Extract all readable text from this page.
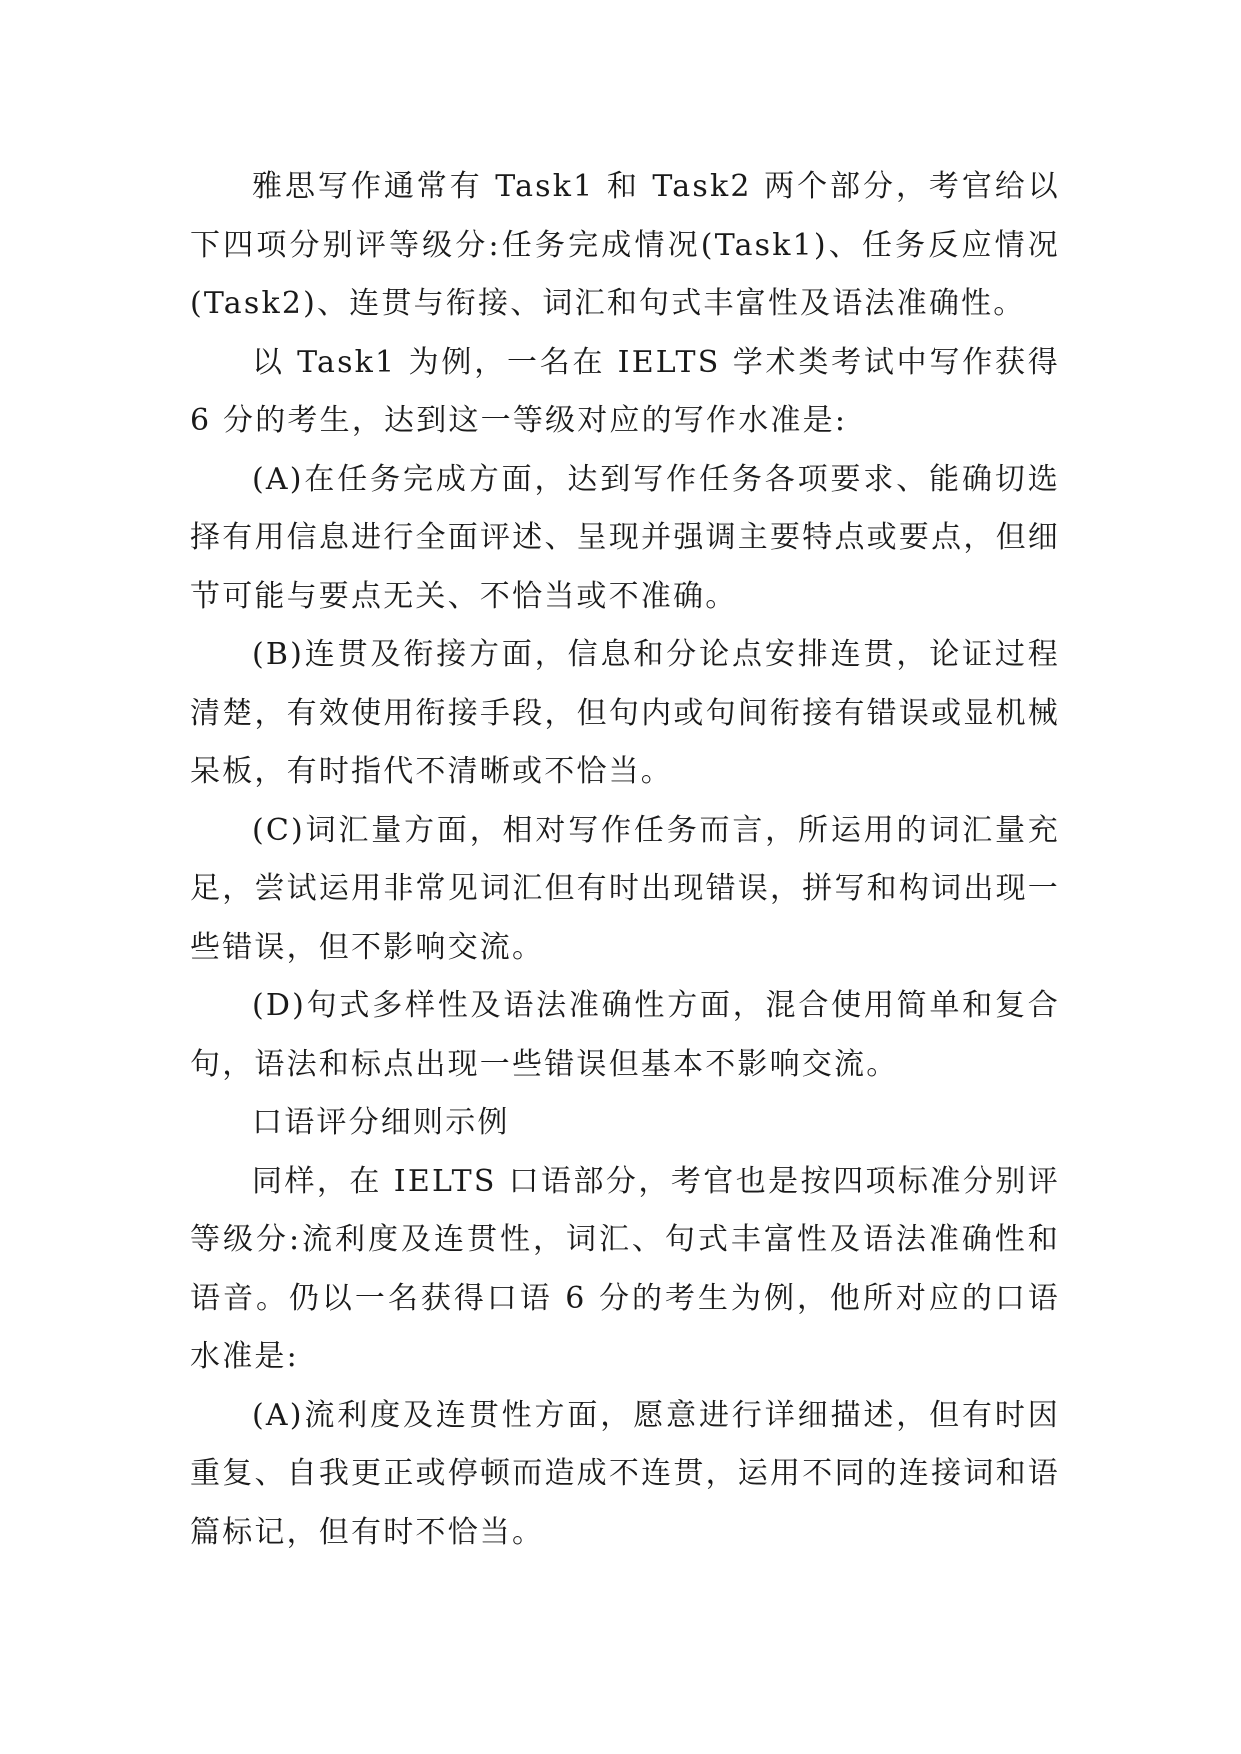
雅思写作通常有 Task1 和 Task2 两个部分，考官给以下四项分别评等级分:任务完成情况(Task1)、任务反应情况(Task2)、连贯与衔接、词汇和句式丰富性及语法准确性。

以 Task1 为例，一名在 IELTS 学术类考试中写作获得 6 分的考生，达到这一等级对应的写作水准是:

(A)在任务完成方面，达到写作任务各项要求、能确切选择有用信息进行全面评述、呈现并强调主要特点或要点，但细节可能与要点无关、不恰当或不准确。

(B)连贯及衔接方面，信息和分论点安排连贯，论证过程清楚，有效使用衔接手段，但句内或句间衔接有错误或显机械呆板，有时指代不清晰或不恰当。

(C)词汇量方面，相对写作任务而言，所运用的词汇量充足，尝试运用非常见词汇但有时出现错误，拼写和构词出现一些错误，但不影响交流。

(D)句式多样性及语法准确性方面，混合使用简单和复合句，语法和标点出现一些错误但基本不影响交流。

口语评分细则示例

同样，在 IELTS 口语部分，考官也是按四项标准分别评等级分:流利度及连贯性，词汇、句式丰富性及语法准确性和语音。仍以一名获得口语 6 分的考生为例，他所对应的口语水准是:

(A)流利度及连贯性方面，愿意进行详细描述，但有时因重复、自我更正或停顿而造成不连贯，运用不同的连接词和语篇标记，但有时不恰当。
